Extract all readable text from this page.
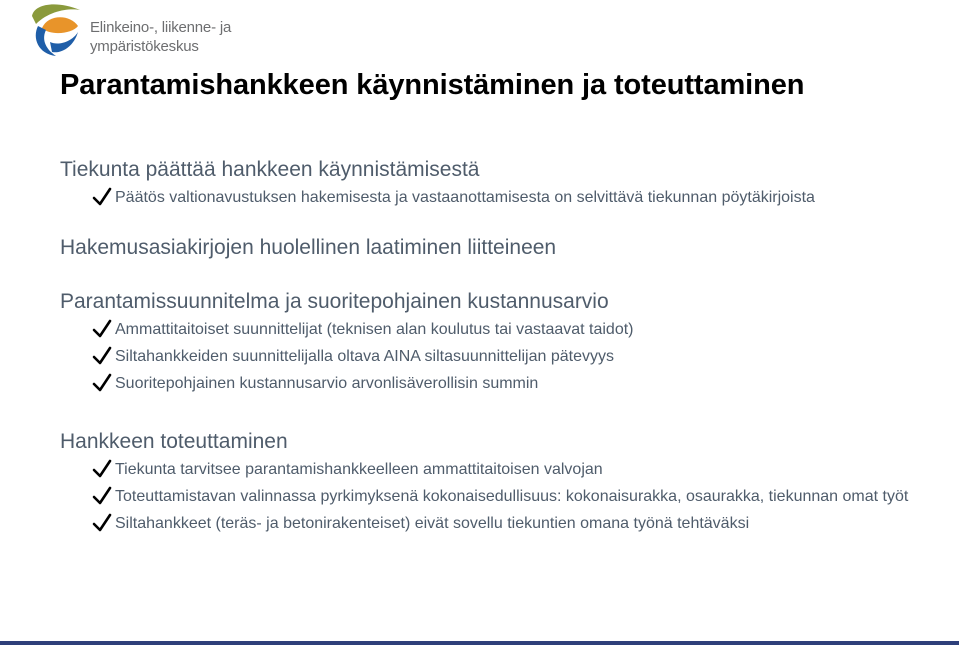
Elinkeino-, liikenne- ja
ympäristökeskus
Parantamishankkeen käynnistäminen ja toteuttaminen
Tiekunta päättää hankkeen käynnistämisestä
Päätös valtionavustuksen hakemisesta ja vastaanottamisesta on selvittävä tiekunnan pöytäkirjoista
Hakemusasiakirjojen huolellinen laatiminen liitteineen
Parantamissuunnitelma ja suoritepohjainen kustannusarvio
Ammattitaitoiset suunnittelijat (teknisen alan koulutus tai vastaavat taidot)
Siltahankkeiden suunnittelijalla oltava AINA siltasuunnittelijan pätevyys
Suoritepohjainen kustannusarvio arvonlisäverollisin summin
Hankkeen toteuttaminen
Tiekunta tarvitsee parantamishankkeelleen ammattitaitoisen valvojan
Toteuttamistavan valinnassa pyrkimyksenä kokonaisedullisuus: kokonaisurakka, osaurakka, tiekunnan omat työt
Siltahankkeet (teräs- ja betonirakenteiset) eivät sovellu tiekuntien omana työnä tehtäväksi
